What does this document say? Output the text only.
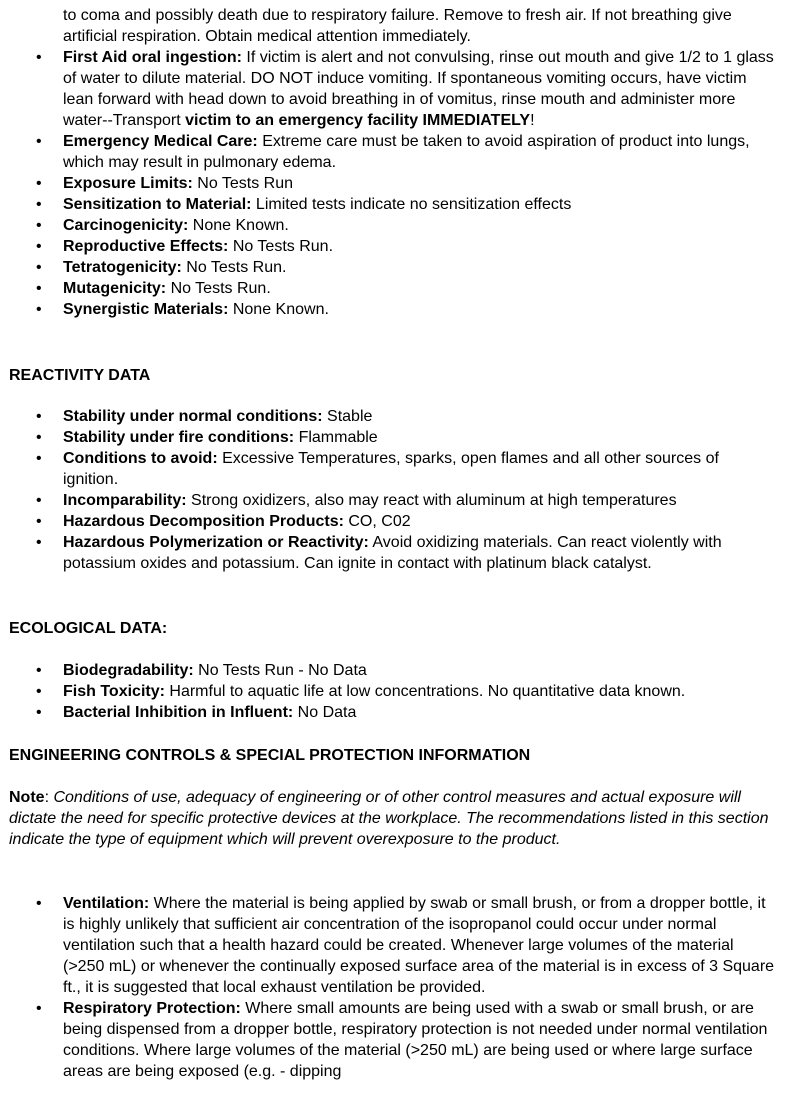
to coma and possibly death due to respiratory failure. Remove to fresh air. If not breathing give artificial respiration. Obtain medical attention immediately.

• First Aid oral ingestion: If victim is alert and not convulsing, rinse out mouth and give 1/2 to 1 glass of water to dilute material. DO NOT induce vomiting. If spontaneous vomiting occurs, have victim lean forward with head down to avoid breathing in of vomitus, rinse mouth and administer more water--Transport victim to an emergency facility IMMEDIATELY!
• Emergency Medical Care: Extreme care must be taken to avoid aspiration of product into lungs, which may result in pulmonary edema.
• Exposure Limits: No Tests Run
• Sensitization to Material: Limited tests indicate no sensitization effects
• Carcinogenicity: None Known.
• Reproductive Effects: No Tests Run.
• Tetratogenicity: No Tests Run.
• Mutagenicity: No Tests Run.
• Synergistic Materials: None Known.
REACTIVITY DATA
• Stability under normal conditions: Stable
• Stability under fire conditions: Flammable
• Conditions to avoid: Excessive Temperatures, sparks, open flames and all other sources of ignition.
• Incomparability: Strong oxidizers, also may react with aluminum at high temperatures
• Hazardous Decomposition Products: CO, C02
• Hazardous Polymerization or Reactivity: Avoid oxidizing materials. Can react violently with potassium oxides and potassium. Can ignite in contact with platinum black catalyst.
ECOLOGICAL DATA:
• Biodegradability: No Tests Run - No Data
• Fish Toxicity: Harmful to aquatic life at low concentrations. No quantitative data known.
• Bacterial Inhibition in Influent: No Data
ENGINEERING CONTROLS & SPECIAL PROTECTION INFORMATION

Note: Conditions of use, adequacy of engineering or of other control measures and actual exposure will dictate the need for specific protective devices at the workplace. The recommendations listed in this section indicate the type of equipment which will prevent overexposure to the product.

• Ventilation: Where the material is being applied by swab or small brush, or from a dropper bottle, it is highly unlikely that sufficient air concentration of the isopropanol could occur under normal ventilation such that a health hazard could be created. Whenever large volumes of the material (>250 mL) or whenever the continually exposed surface area of the material is in excess of 3 Square ft., it is suggested that local exhaust ventilation be provided.
• Respiratory Protection: Where small amounts are being used with a swab or small brush, or are being dispensed from a dropper bottle, respiratory protection is not needed under normal ventilation conditions. Where large volumes of the material (>250 mL) are being used or where large surface areas are being exposed (e.g. - dipping
